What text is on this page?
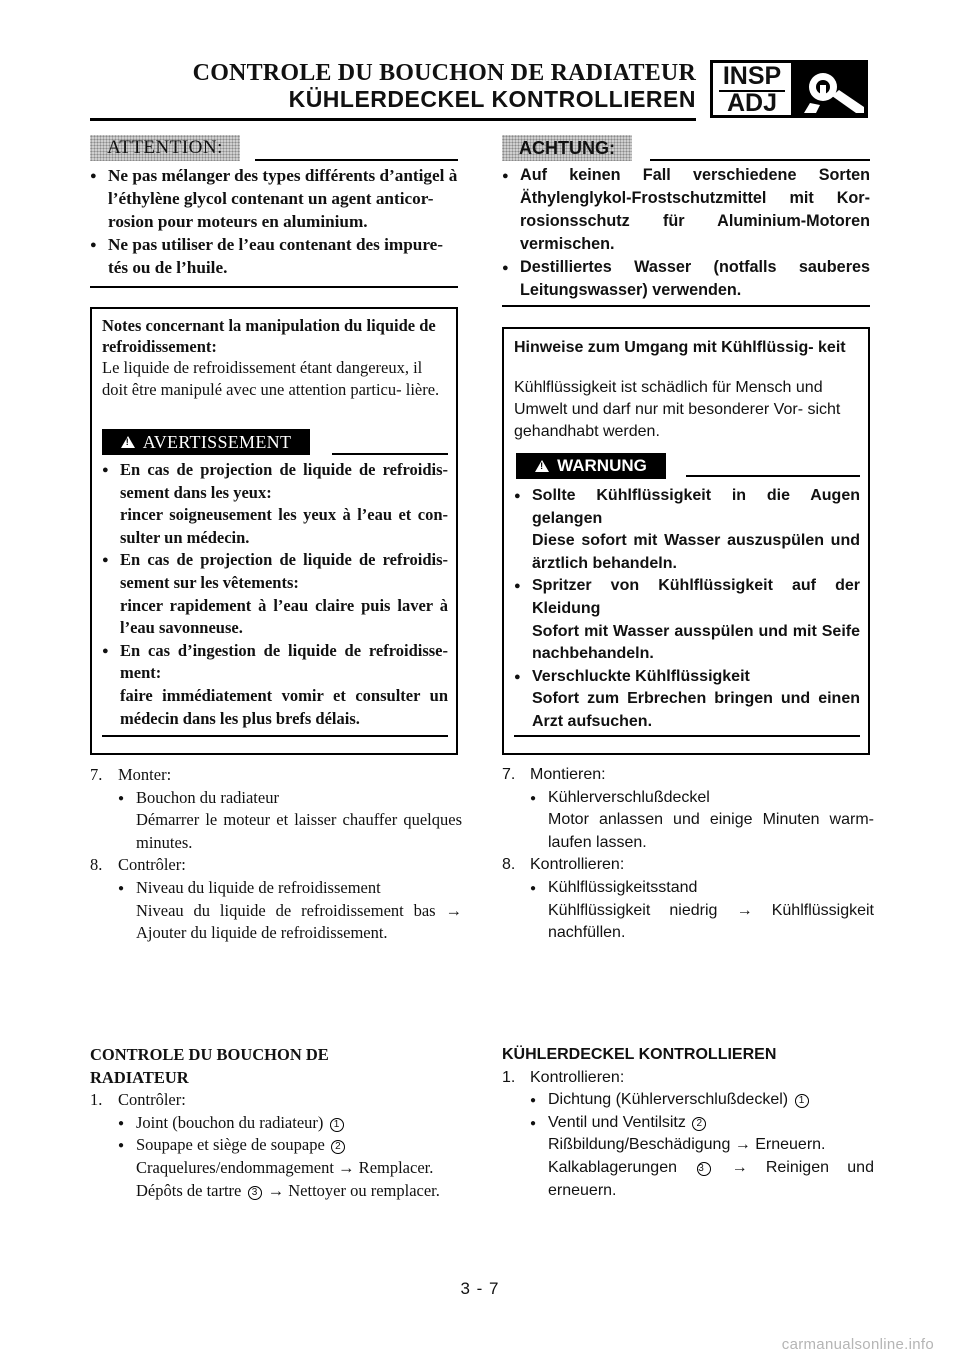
CONTROLE DU BOUCHON DE RADIATEUR
KÜHLERDECKEL KONTROLLIEREN
INSP
ADJ
ATTENTION:
● Ne pas mélanger des types différents d’antigel à l’éthylène glycol contenant un agent anticor- rosion pour moteurs en aluminium.
● Ne pas utiliser de l’eau contenant des impure- tés ou de l’huile.
ACHTUNG:
● Auf keinen Fall verschiedene Sorten Äthylenglykol-Frostschutzmittel mit Kor- rosionsschutz für Aluminium-Motoren vermischen.
● Destilliertes Wasser (notfalls sauberes Leitungswasser) verwenden.
Notes concernant la manipulation du liquide de refroidissement:
Le liquide de refroidissement étant dangereux, il doit être manipulé avec une attention particu- lière.
!
AVERTISSEMENT
● En cas de projection de liquide de refroidis- sement dans les yeux:
rincer soigneusement les yeux à l’eau et con- sulter un médecin.
● En cas de projection de liquide de refroidis- sement sur les vêtements:
rincer rapidement à l’eau claire puis laver à l’eau savonneuse.
● En cas d’ingestion de liquide de refroidisse- ment:
faire immédiatement vomir et consulter un médecin dans les plus brefs délais.
Hinweise zum Umgang mit Kühlflüssig- keit
Kühlflüssigkeit ist schädlich für Mensch und Umwelt und darf nur mit besonderer Vor- sicht gehandhabt werden.
!
WARNUNG
● Sollte Kühlflüssigkeit in die Augen gelangen
Diese sofort mit Wasser auszuspülen und ärztlich behandeln.
● Spritzer von Kühlflüssigkeit auf der Kleidung
Sofort mit Wasser ausspülen und mit Seife nachbehandeln.
● Verschluckte Kühlflüssigkeit
Sofort zum Erbrechen bringen und einen Arzt aufsuchen.
7. Monter:
● Bouchon du radiateur
Démarrer le moteur et laisser chauffer quelques minutes.
8. Contrôler:
● Niveau du liquide de refroidissement
Niveau du liquide de refroidissement bas → Ajouter du liquide de refroidissement.
7. Montieren:
● Kühlerverschlußdeckel
Motor anlassen und einige Minuten warm- laufen lassen.
8. Kontrollieren:
● Kühlflüssigkeitsstand
Kühlflüssigkeit niedrig → Kühlflüssigkeit nachfüllen.
CONTROLE DU BOUCHON DE RADIATEUR
1. Contrôler:
● Joint (bouchon du radiateur) 1
● Soupape et siège de soupape 2
Craquelures/endommagement → Remplacer.
Dépôts de tartre 3 → Nettoyer ou remplacer.
KÜHLERDECKEL KONTROLLIEREN
1. Kontrollieren:
● Dichtung (Kühlerverschlußdeckel) 1
● Ventil und Ventilsitz 2
Rißbildung/Beschädigung → Erneuern.
Kalkablagerungen 3 → Reinigen und erneuern.
3 - 7
carmanualsonline.info
